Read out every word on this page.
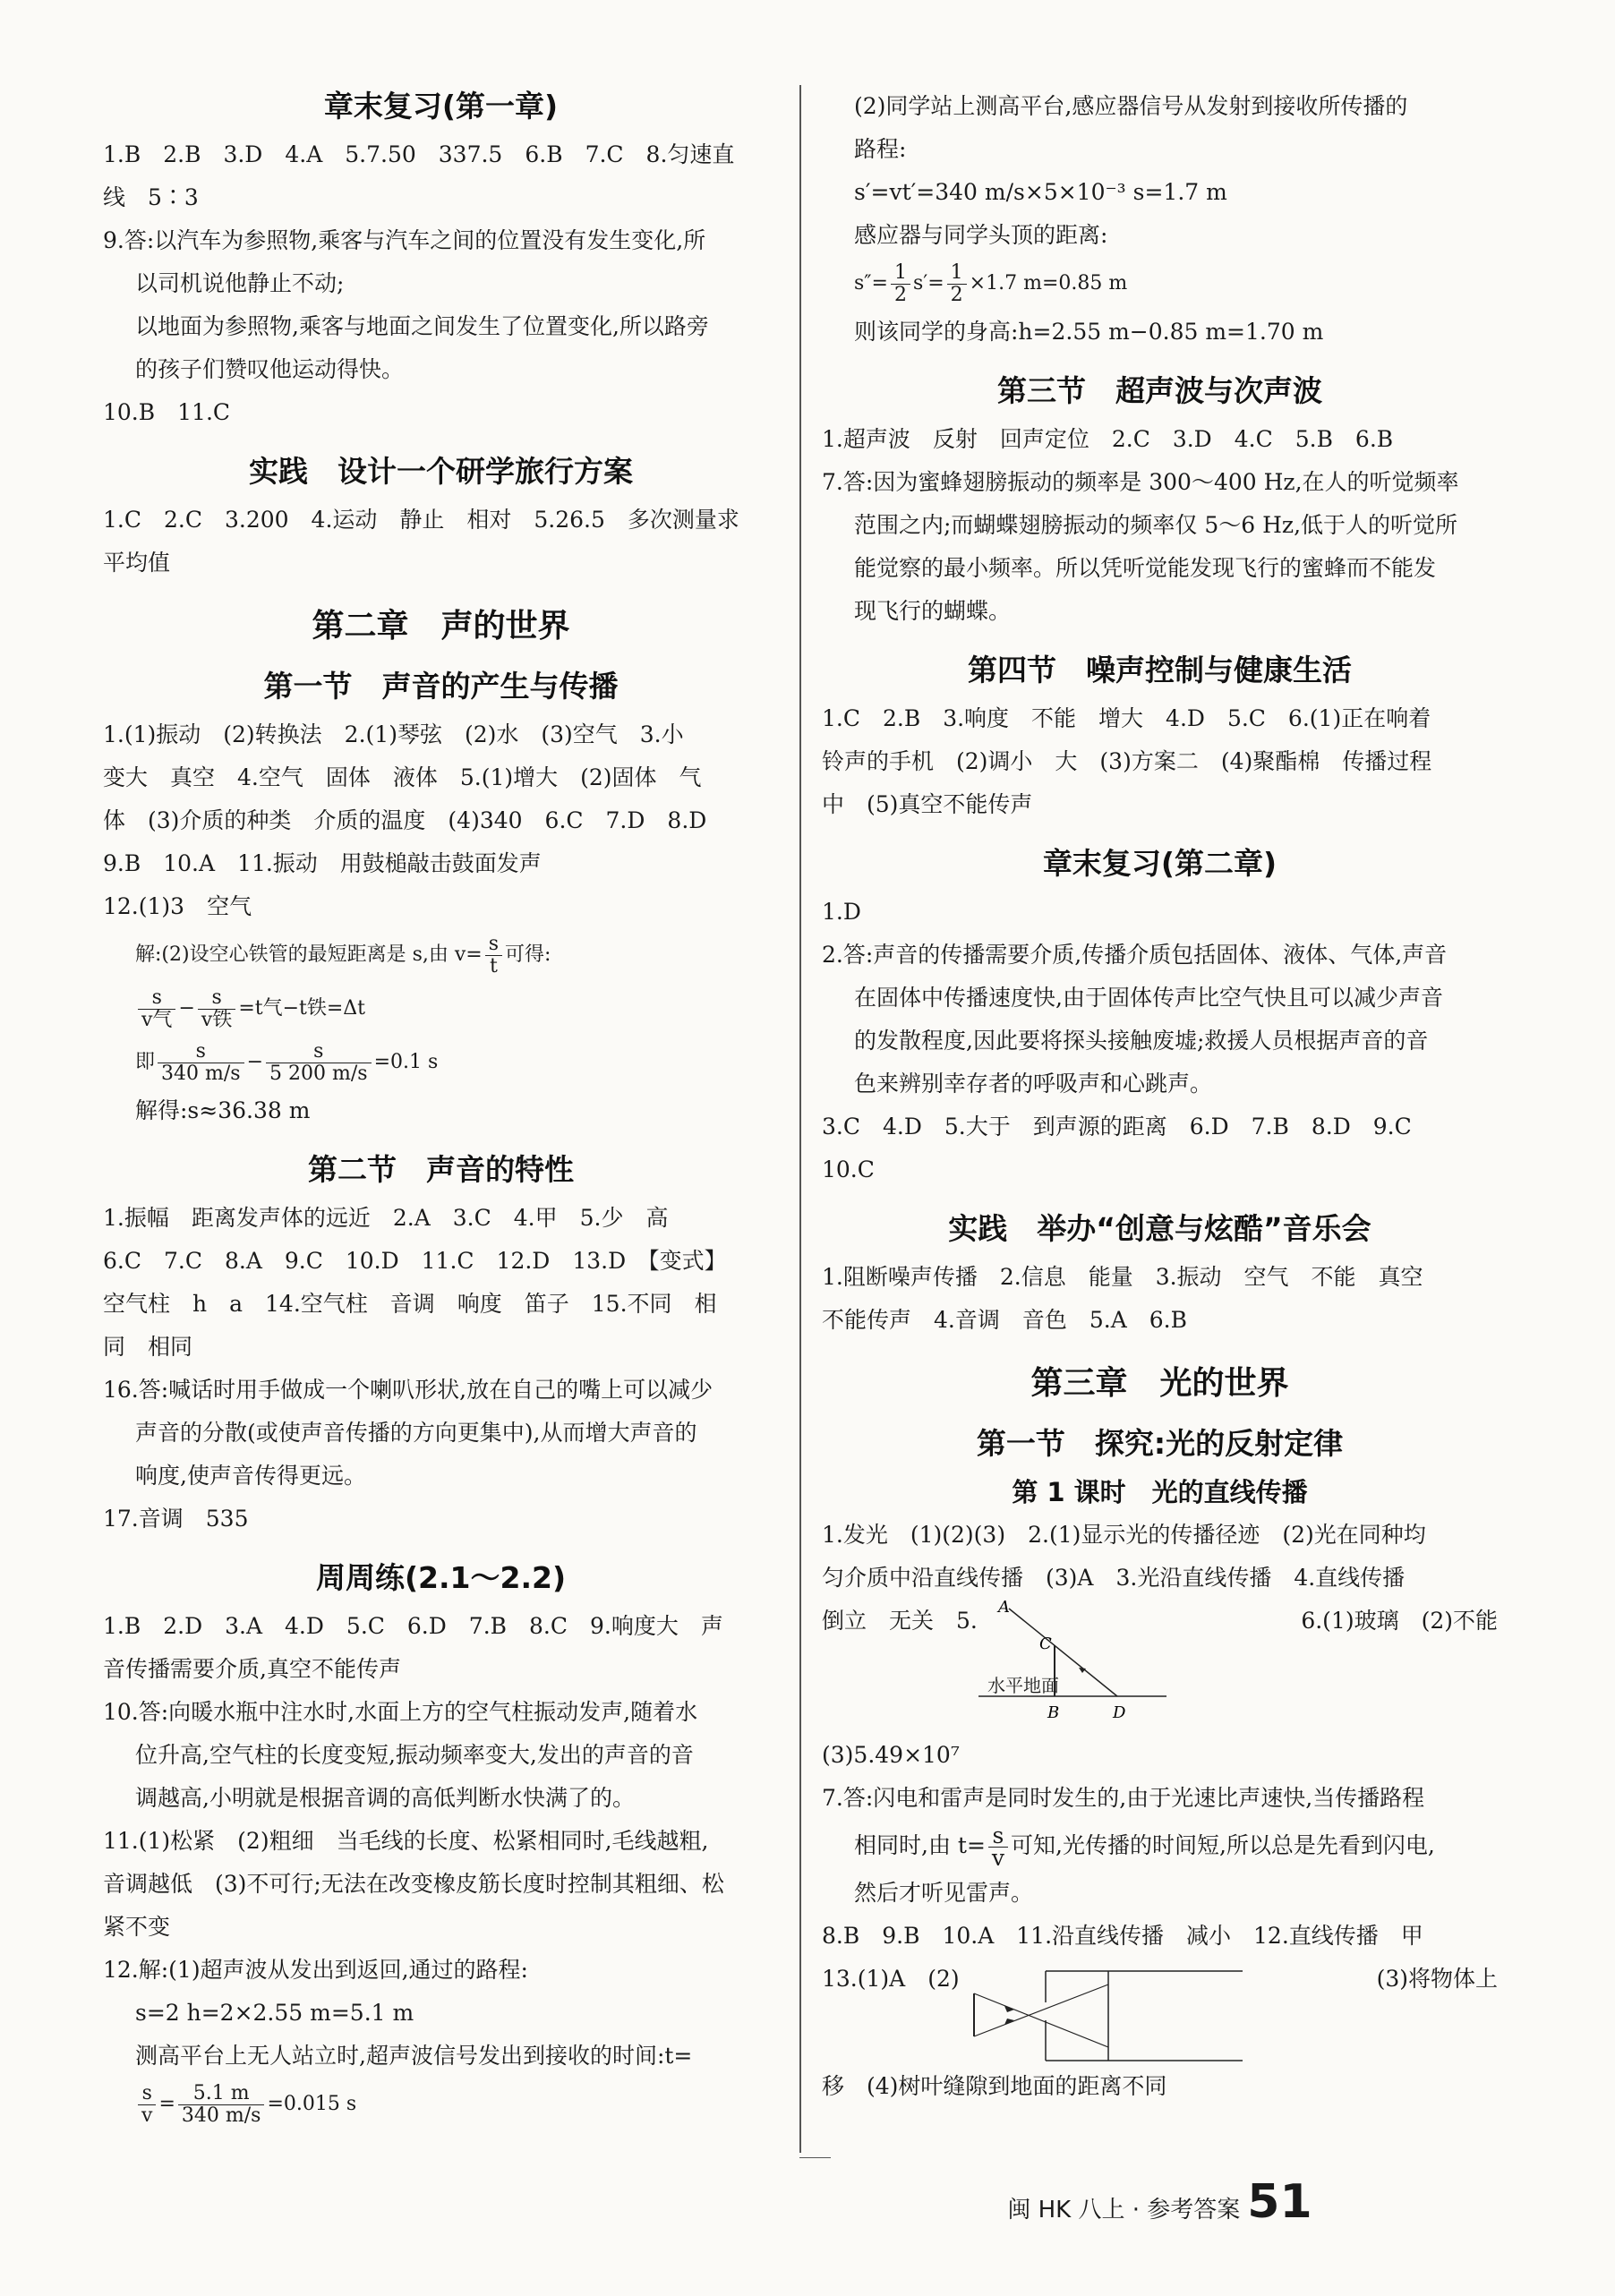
章末复习(第一章)

1.B　2.B　3.D　4.A　5.7.50　337.5　6.B　7.C　8.匀速直

线　5∶3

9.答:以汽车为参照物,乘客与汽车之间的位置没有发生变化,所

以司机说他静止不动;

以地面为参照物,乘客与地面之间发生了位置变化,所以路旁

的孩子们赞叹他运动得快。

10.B　11.C

实践　设计一个研学旅行方案

1.C　2.C　3.200　4.运动　静止　相对　5.26.5　多次测量求

平均值

第二章　声的世界
第一节　声音的产生与传播

1.(1)振动　(2)转换法　2.(1)琴弦　(2)水　(3)空气　3.小

变大　真空　4.空气　固体　液体　5.(1)增大　(2)固体　气

体　(3)介质的种类　介质的温度　(4)340　6.C　7.D　8.D

9.B　10.A　11.振动　用鼓槌敲击鼓面发声

12.(1)3　空气

解:(2)设空心铁管的最短距离是 s,由 $v= \frac{s}{t}$ 可得:
$\frac{s}{\text{v气}} - \frac{s}{\text{v铁}} =t$气−t铁=Δt
即 $\frac{s}{340 m/s} - \frac{s}{5 200 m/s} =0.1$ s

解得:s≈36.38 m

第二节　声音的特性

1.振幅　距离发声体的远近　2.A　3.C　4.甲　5.少　高

6.C　7.C　8.A　9.C　10.D　11.C　12.D　13.D　【变式】

空气柱　h　a　14.空气柱　音调　响度　笛子　15.不同　相

同　相同

16.答:喊话时用手做成一个喇叭形状,放在自己的嘴上可以减少

声音的分散(或使声音传播的方向更集中),从而增大声音的

响度,使声音传得更远。

17.音调　535

周周练(2.1～2.2)

1.B　2.D　3.A　4.D　5.C　6.D　7.B　8.C　9.响度大　声

音传播需要介质,真空不能传声

10.答:向暖水瓶中注水时,水面上方的空气柱振动发声,随着水

位升高,空气柱的长度变短,振动频率变大,发出的声音的音

调越高,小明就是根据音调的高低判断水快满了的。

11.(1)松紧　(2)粗细　当毛线的长度、松紧相同时,毛线越粗,

音调越低　(3)不可行;无法在改变橡皮筋长度时控制其粗细、松

紧不变

12.解:(1)超声波从发出到返回,通过的路程:

s=2 h=2×2.55 m=5.1 m

测高平台上无人站立时,超声波信号发出到接收的时间:t=

$\frac{s}{v} = \frac{5.1 m}{340 m/s} =0.015$ s

(2)同学站上测高平台,感应器信号从发射到接收所传播的

路程:

s′=vt′=340 m/s×5×10⁻³ s=1.7 m

感应器与同学头顶的距离:

$s''= \frac{1}{2} s'= \frac{1}{2} \times 1.7$ m=0.85 m

则该同学的身高:h=2.55 m−0.85 m=1.70 m

第三节　超声波与次声波

1.超声波　反射　回声定位　2.C　3.D　4.C　5.B　6.B

7.答:因为蜜蜂翅膀振动的频率是 300～400 Hz,在人的听觉频率

范围之内;而蝴蝶翅膀振动的频率仅 5～6 Hz,低于人的听觉所

能觉察的最小频率。所以凭听觉能发现飞行的蜜蜂而不能发

现飞行的蝴蝶。

第四节　噪声控制与健康生活

1.C　2.B　3.响度　不能　增大　4.D　5.C　6.(1)正在响着

铃声的手机　(2)调小　大　(3)方案二　(4)聚酯棉　传播过程

中　(5)真空不能传声

章末复习(第二章)

1.D

2.答:声音的传播需要介质,传播介质包括固体、液体、气体,声音

在固体中传播速度快,由于固体传声比空气快且可以减少声音

的发散程度,因此要将探头接触废墟;救援人员根据声音的音

色来辨别幸存者的呼吸声和心跳声。

3.C　4.D　5.大于　到声源的距离　6.D　7.B　8.D　9.C

10.C

实践　举办“创意与炫酷”音乐会

1.阻断噪声传播　2.信息　能量　3.振动　空气　不能　真空

不能传声　4.音调　音色　5.A　6.B

第三章　光的世界
第一节　探究:光的反射定律
第 1 课时　光的直线传播

1.发光　(1)(2)(3)　2.(1)显示光的传播径迹　(2)光在同种均

匀介质中沿直线传播　(3)A　3.光沿直线传播　4.直线传播

倒立　无关　5.	6.(1)玻璃　(2)不能

A
C
B	D
水平地面

(3)5.49×10⁷

7.答:闪电和雷声是同时发生的,由于光速比声速快,当传播路程

相同时,由 $t= \frac{s}{v}$ 可知,光传播的时间短,所以总是先看到闪电,

然后才听见雷声。

8.B　9.B　10.A　11.沿直线传播　减小　12.直线传播　甲

13.(1)A　(2)	(3)将物体上

移　(4)树叶缝隙到地面的距离不同

闽 HK 八上 · 参考答案 51
